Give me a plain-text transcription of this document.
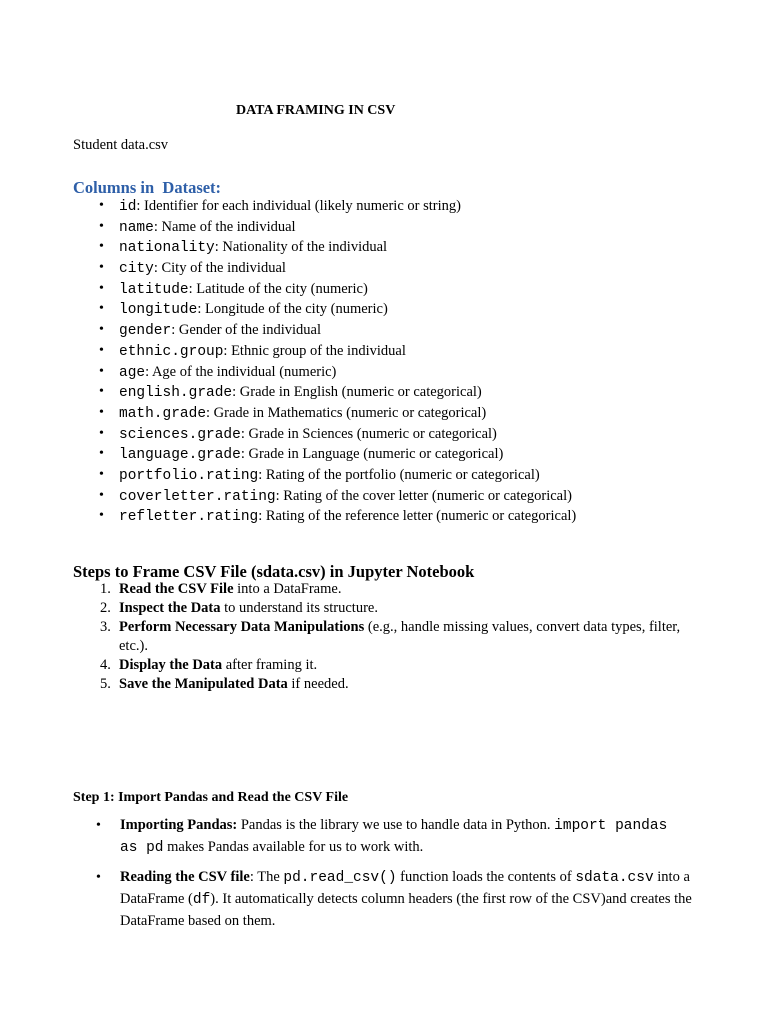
DATA FRAMING IN CSV

Student data.csv

Columns in  Dataset:
• id: Identifier for each individual (likely numeric or string)
• name: Name of the individual
• nationality: Nationality of the individual
• city: City of the individual
• latitude: Latitude of the city (numeric)
• longitude: Longitude of the city (numeric)
• gender: Gender of the individual
• ethnic.group: Ethnic group of the individual
• age: Age of the individual (numeric)
• english.grade: Grade in English (numeric or categorical)
• math.grade: Grade in Mathematics (numeric or categorical)
• sciences.grade: Grade in Sciences (numeric or categorical)
• language.grade: Grade in Language (numeric or categorical)
• portfolio.rating: Rating of the portfolio (numeric or categorical)
• coverletter.rating: Rating of the cover letter (numeric or categorical)
• refletter.rating: Rating of the reference letter (numeric or categorical)
Steps to Frame CSV File (sdata.csv) in Jupyter Notebook
1. Read the CSV File into a DataFrame.
2. Inspect the Data to understand its structure.
3. Perform Necessary Data Manipulations (e.g., handle missing values, convert data types, filter, etc.).
4. Display the Data after framing it.
5. Save the Manipulated Data if needed.
Step 1: Import Pandas and Read the CSV File
• Importing Pandas: Pandas is the library we use to handle data in Python. import pandas as pd makes Pandas available for us to work with.
• Reading the CSV file: The pd.read_csv() function loads the contents of sdata.csv into a DataFrame (df). It automatically detects column headers (the first row of the CSV)and creates the DataFrame based on them.
